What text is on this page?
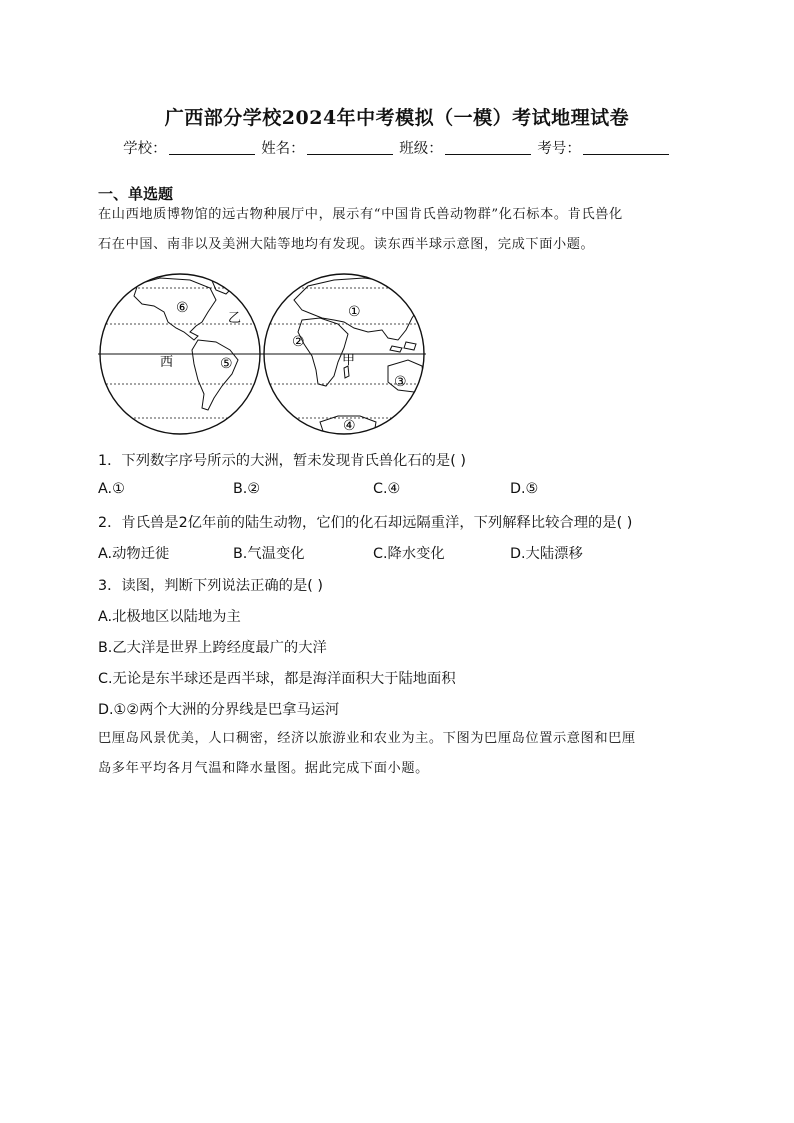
广西部分学校2024年中考模拟（一模）考试地理试卷
学校：	姓名：	班级：	考号：
一、单选题
在山西地质博物馆的远古物种展厅中，展示有“中国肯氏兽动物群”化石标本。肯氏兽化
石在中国、南非以及美洲大陆等地均有发现。读东西半球示意图，完成下面小题。
⑥
乙
西	⑤
①
②
甲
③
④
1．下列数字序号所示的大洲，暂未发现肯氏兽化石的是( )
A.①	B.②	C.④	D.⑤
2．肯氏兽是2亿年前的陆生动物，它们的化石却远隔重洋，下列解释比较合理的是( )
A.动物迁徙	B.气温变化	C.降水变化	D.大陆漂移
3．读图，判断下列说法正确的是( )
A.北极地区以陆地为主
B.乙大洋是世界上跨经度最广的大洋
C.无论是东半球还是西半球，都是海洋面积大于陆地面积
D.①②两个大洲的分界线是巴拿马运河
巴厘岛风景优美，人口稠密，经济以旅游业和农业为主。下图为巴厘岛位置示意图和巴厘
岛多年平均各月气温和降水量图。据此完成下面小题。
